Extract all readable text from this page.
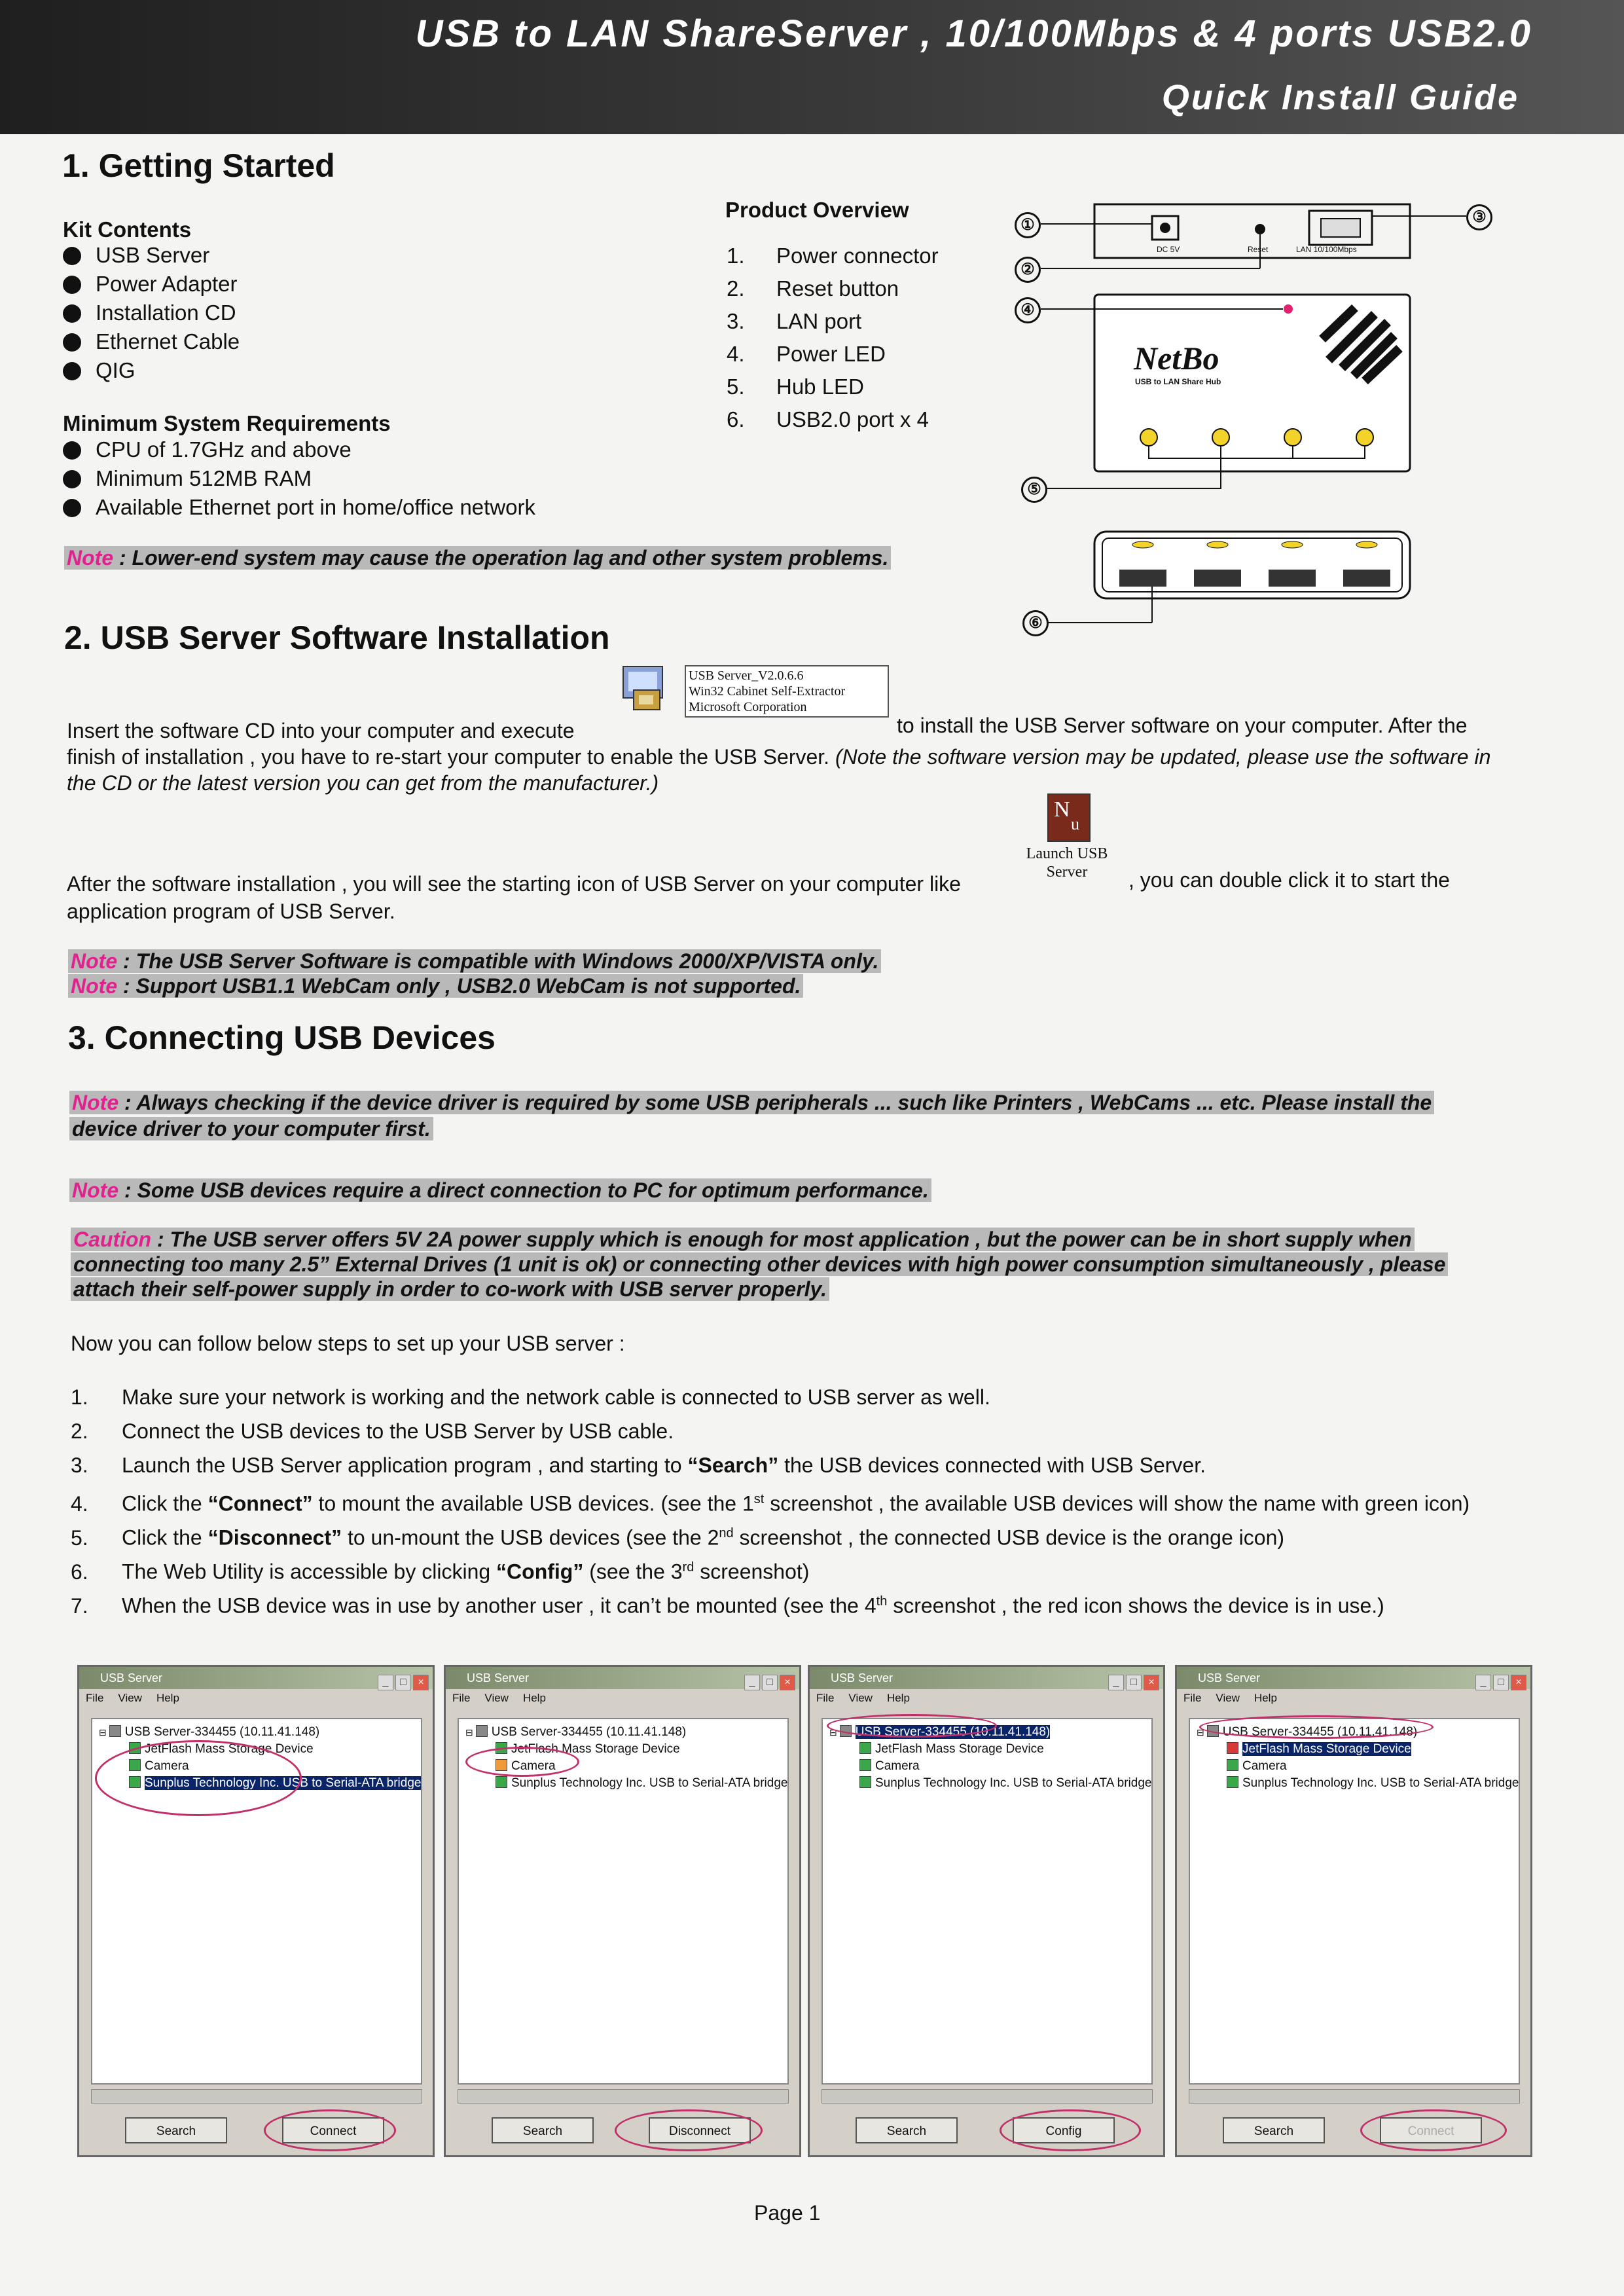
USB to LAN ShareServer , 10/100Mbps & 4 ports USB2.0
Quick Install Guide
1. Getting Started
Kit Contents
USB Server
Power Adapter
Installation CD
Ethernet Cable
QIG
Minimum System Requirements
CPU of 1.7GHz and above
Minimum 512MB RAM
Available Ethernet port in home/office network
Note : Lower-end system may cause the operation lag and other system problems.
Product Overview
1. Power connector
2. Reset button
3. LAN port
4. Power LED
5. Hub LED
6. USB2.0 port x 4
DC 5V	Reset	LAN 10/100Mbps
NetBo
USB to LAN Share Hub
①
②
③
④
⑤
⑥
2. USB Server Software Installation
USB Server_V2.0.6.6
Win32 Cabinet Self-Extractor
Microsoft Corporation
Insert the software CD into your computer and execute	to install the USB Server software on your computer. After the
finish of installation , you have to re-start your computer to enable the USB Server. (Note the software version may be updated, please use the software in
the CD or the latest version you can get from the manufacturer.)
N
u
Launch USB Server
After the software installation , you will see the starting icon of USB Server on your computer like	, you can double click it to start the
application program of USB Server.
Note : The USB Server Software is compatible with Windows 2000/XP/VISTA only.
Note : Support USB1.1 WebCam only , USB2.0 WebCam is not supported.
3. Connecting USB Devices
Note : Always checking if the device driver is required by some USB peripherals ... such like Printers , WebCams ... etc. Please install the
device driver to your computer first.
Note : Some USB devices require a direct connection to PC for optimum performance.
Caution : The USB server offers 5V 2A power supply which is enough for most application , but the power can be in short supply when
connecting too many 2.5” External Drives (1 unit is ok) or connecting other devices with high power consumption simultaneously , please
attach their self-power supply in order to co-work with USB server properly.
Now you can follow below steps to set up your USB server :
1. Make sure your network is working and the network cable is connected to USB server as well.
2. Connect the USB devices to the USB Server by USB cable.
3. Launch the USB Server application program , and starting to “Search” the USB devices connected with USB Server.
4. Click the “Connect” to mount the available USB devices. (see the 1st screenshot , the available USB devices will show the name with green icon)
5. Click the “Disconnect” to un-mount the USB devices (see the 2nd screenshot , the connected USB device is the orange icon)
6. The Web Utility is accessible by clicking “Config” (see the 3rd screenshot)
7. When the USB device was in use by another user , it can’t be mounted (see the 4th screenshot , the red icon shows the device is in use.)
USB Server	_ □ ×
File View Help
⊟ USB Server-334455 (10.11.41.148)
JetFlash Mass Storage Device
Camera
Sunplus Technology Inc. USB to Serial-ATA bridge
Search	Connect
USB Server	_ □ ×
File View Help
⊟ USB Server-334455 (10.11.41.148)
JetFlash Mass Storage Device
Camera
Sunplus Technology Inc. USB to Serial-ATA bridge
Search	Disconnect
USB Server	_ □ ×
File View Help
⊟ USB Server-334455 (10.11.41.148)
JetFlash Mass Storage Device
Camera
Sunplus Technology Inc. USB to Serial-ATA bridge
Search	Config
USB Server	_ □ ×
File View Help
⊟ USB Server-334455 (10.11.41.148)
JetFlash Mass Storage Device
Camera
Sunplus Technology Inc. USB to Serial-ATA bridge
Search	Connect
Page 1
